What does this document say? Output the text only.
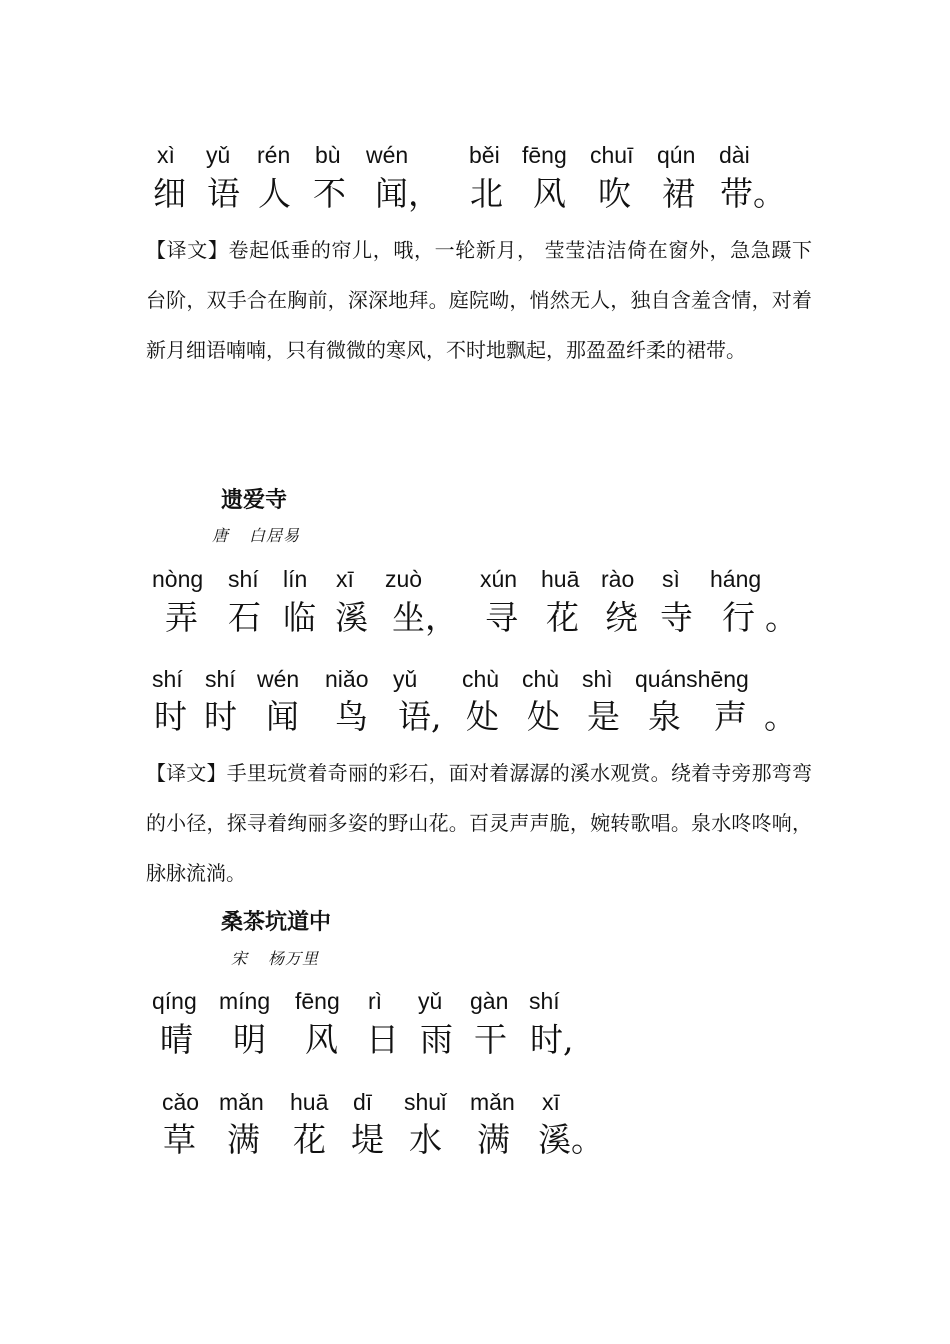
xì yǔ rén bù wén	běi fēng chuī qún dài
细 语 人 不 闻， 北 风 吹 裙 带。
【译文】卷起低垂的帘儿，哦，一轮新月， 莹莹洁洁倚在窗外，急急蹑下台阶，双手合在胸前，深深地拜。庭院呦，悄然无人，独自含羞含情，对着新月细语喃喃，只有微微的寒风，不时地飘起，那盈盈纤柔的裙带。
遗爱寺
唐 白居易
nòng shí lín xī zuò	xún huā rào sì háng
弄 石 临 溪 坐， 寻 花 绕 寺 行 。
shí shí wén niǎo yǔ chù chù shì quánshēng
时 时 闻 鸟 语, 处 处 是 泉 声 。
【译文】手里玩赏着奇丽的彩石，面对着潺潺的溪水观赏。绕着寺旁那弯弯的小径，探寻着绚丽多姿的野山花。百灵声声脆，婉转歌唱。泉水咚咚响，脉脉流淌。
桑茶坑道中
宋 杨万里
qíng míng fēng rì yǔ gàn shí
晴 明 风 日 雨 干 时,
cǎo mǎn huā dī shuǐ mǎn xī
草 满 花 堤 水 满 溪。
